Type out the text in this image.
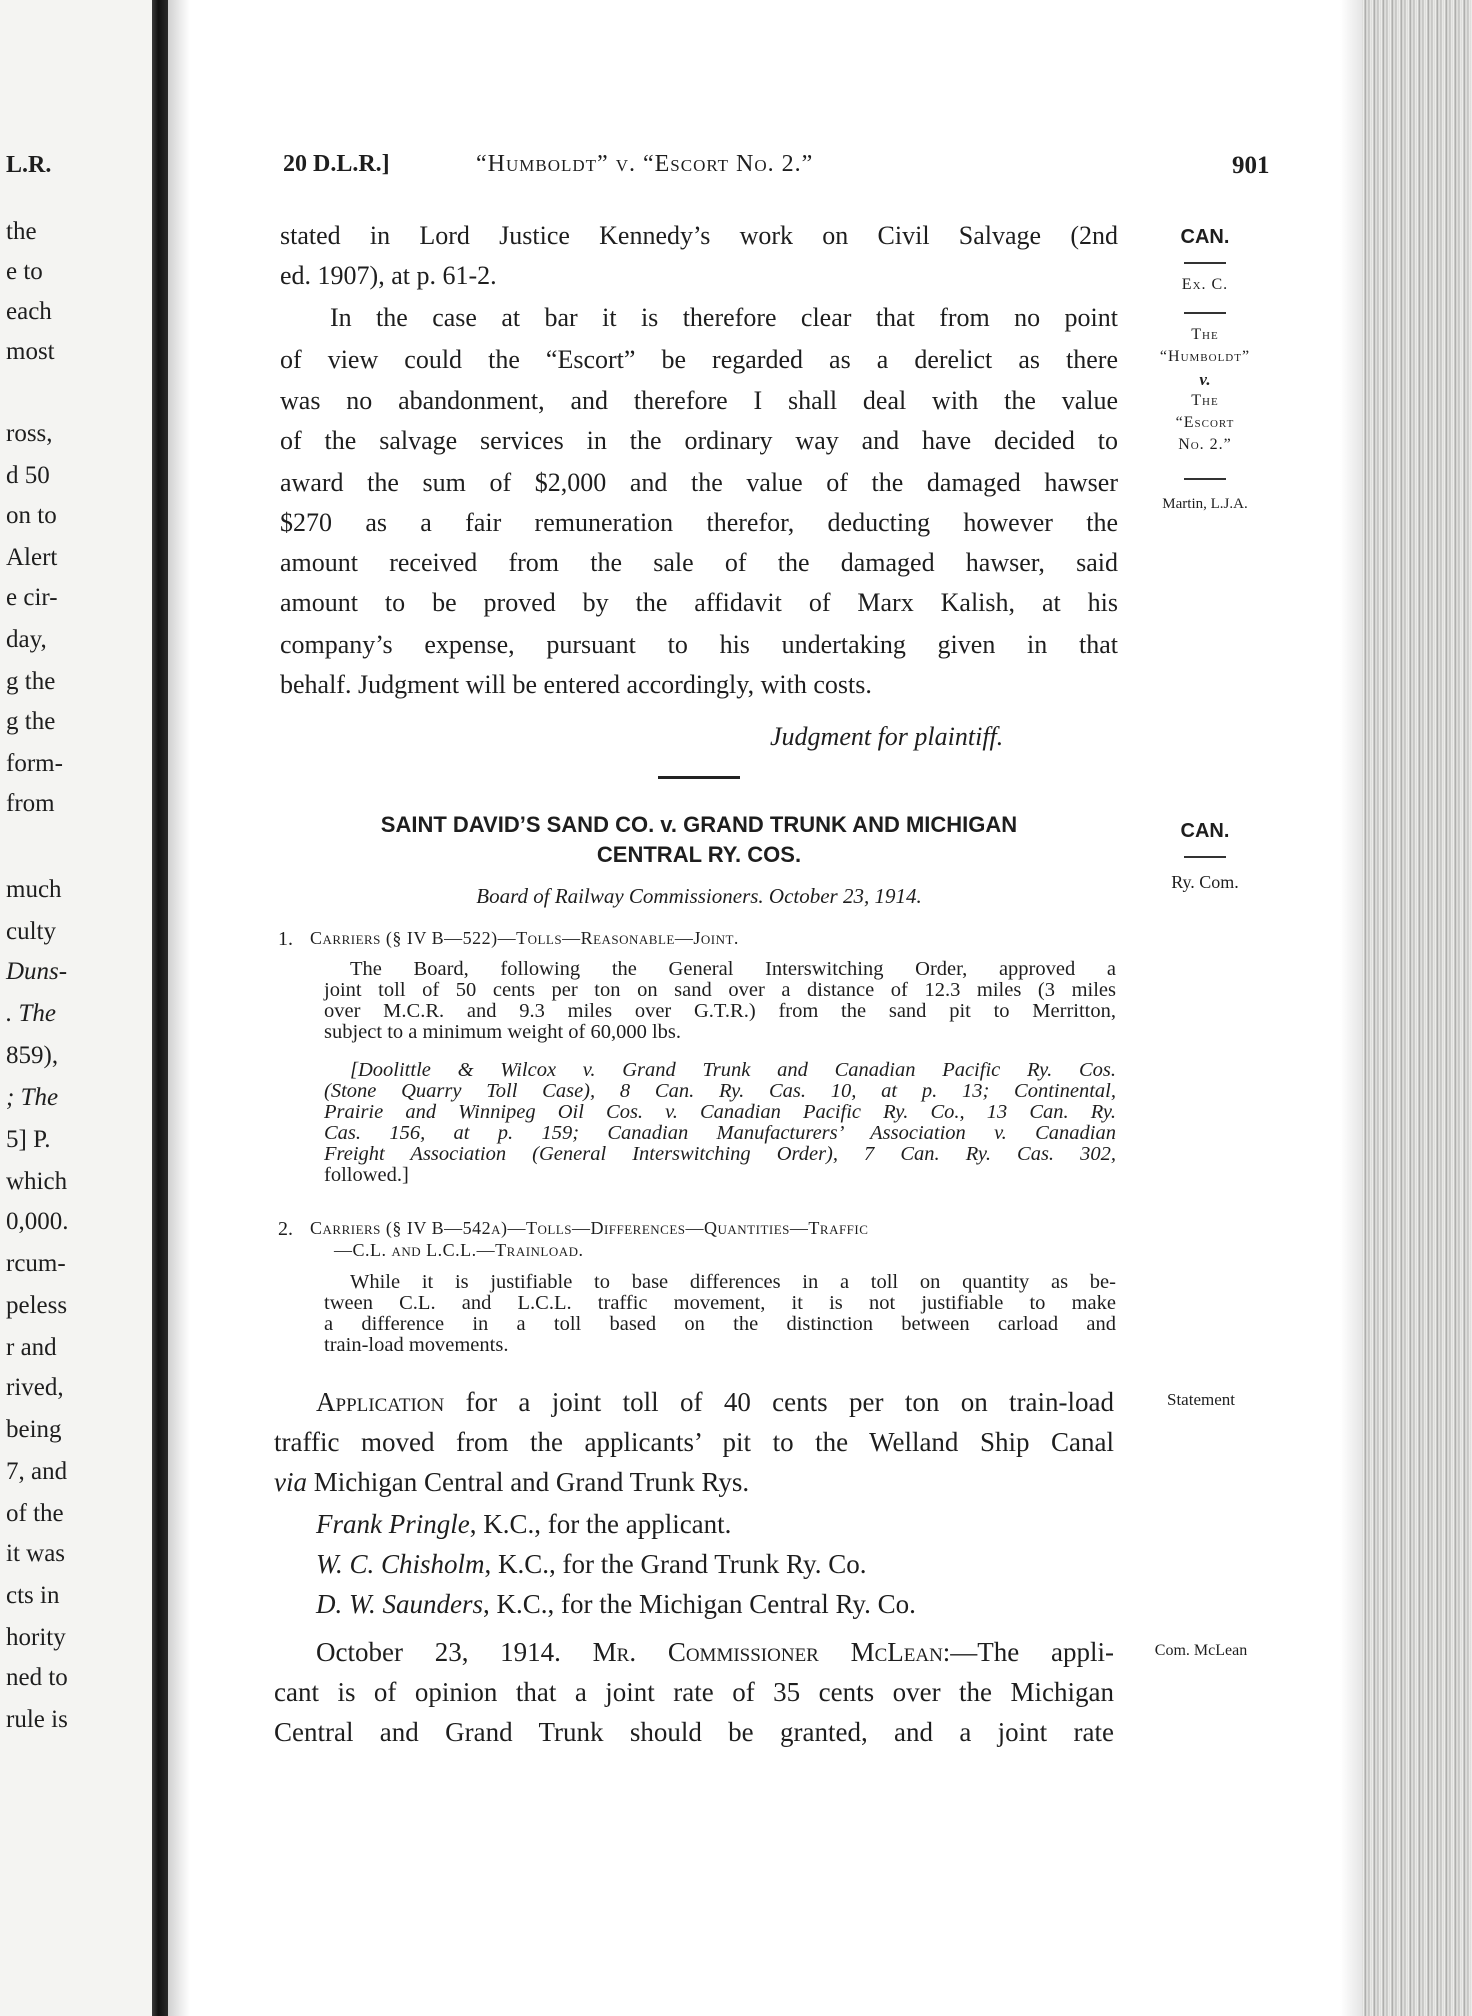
L.R.
the
e to
each
most
ross,
d 50
on to
Alert
e cir-
day,
g the
g the
form-
from
much
culty
Duns-
. The
859),
; The
5] P.
which
0,000.
rcum-
peless
r and
rived,
being
7, and
of the
it was
cts in
hority
ned to
rule is
20 D.L.R.]	“Humboldt” v. “Escort No. 2.”	901
stated in Lord Justice Kennedy’s work on Civil Salvage (2nd
ed. 1907), at p. 61-2.
In the case at bar it is therefore clear that from no point
of view could the “Escort” be regarded as a derelict as there
was no abandonment, and therefore I shall deal with the value
of the salvage services in the ordinary way and have decided to
award the sum of $2,000 and the value of the damaged hawser
$270 as a fair remuneration therefor, deducting however the
amount received from the sale of the damaged hawser, said
amount to be proved by the affidavit of Marx Kalish, at his
company’s expense, pursuant to his undertaking given in that
behalf. Judgment will be entered accordingly, with costs.
Judgment for plaintiff.
CAN.
Ex. C.
The
“Humboldt”
v.
The
“Escort
No. 2.”
Martin, L.J.A.
SAINT DAVID’S SAND CO. v. GRAND TRUNK AND MICHIGAN
CENTRAL RY. COS.
Board of Railway Commissioners. October 23, 1914.
CAN.
Ry. Com.
1. Carriers (§ IV B—522)—Tolls—Reasonable—Joint.
The Board, following the General Interswitching Order, approved a
joint toll of 50 cents per ton on sand over a distance of 12.3 miles (3 miles
over M.C.R. and 9.3 miles over G.T.R.) from the sand pit to Merritton,
subject to a minimum weight of 60,000 lbs.
[Doolittle & Wilcox v. Grand Trunk and Canadian Pacific Ry. Cos.
(Stone Quarry Toll Case), 8 Can. Ry. Cas. 10, at p. 13; Continental,
Prairie and Winnipeg Oil Cos. v. Canadian Pacific Ry. Co., 13 Can. Ry.
Cas. 156, at p. 159; Canadian Manufacturers’ Association v. Canadian
Freight Association (General Interswitching Order), 7 Can. Ry. Cas. 302,
followed.]
2. Carriers (§ IV B—542a)—Tolls—Differences—Quantities—Traffic
—C.L. and L.C.L.—Trainload.
While it is justifiable to base differences in a toll on quantity as be-
tween C.L. and L.C.L. traffic movement, it is not justifiable to make
a difference in a toll based on the distinction between carload and
train-load movements.
Statement
Application for a joint toll of 40 cents per ton on train-load
traffic moved from the applicants’ pit to the Welland Ship Canal
via Michigan Central and Grand Trunk Rys.
Frank Pringle, K.C., for the applicant.
W. C. Chisholm, K.C., for the Grand Trunk Ry. Co.
D. W. Saunders, K.C., for the Michigan Central Ry. Co.
Com. McLean
October 23, 1914. Mr. Commissioner McLean:—The appli-
cant is of opinion that a joint rate of 35 cents over the Michigan
Central and Grand Trunk should be granted, and a joint rate
